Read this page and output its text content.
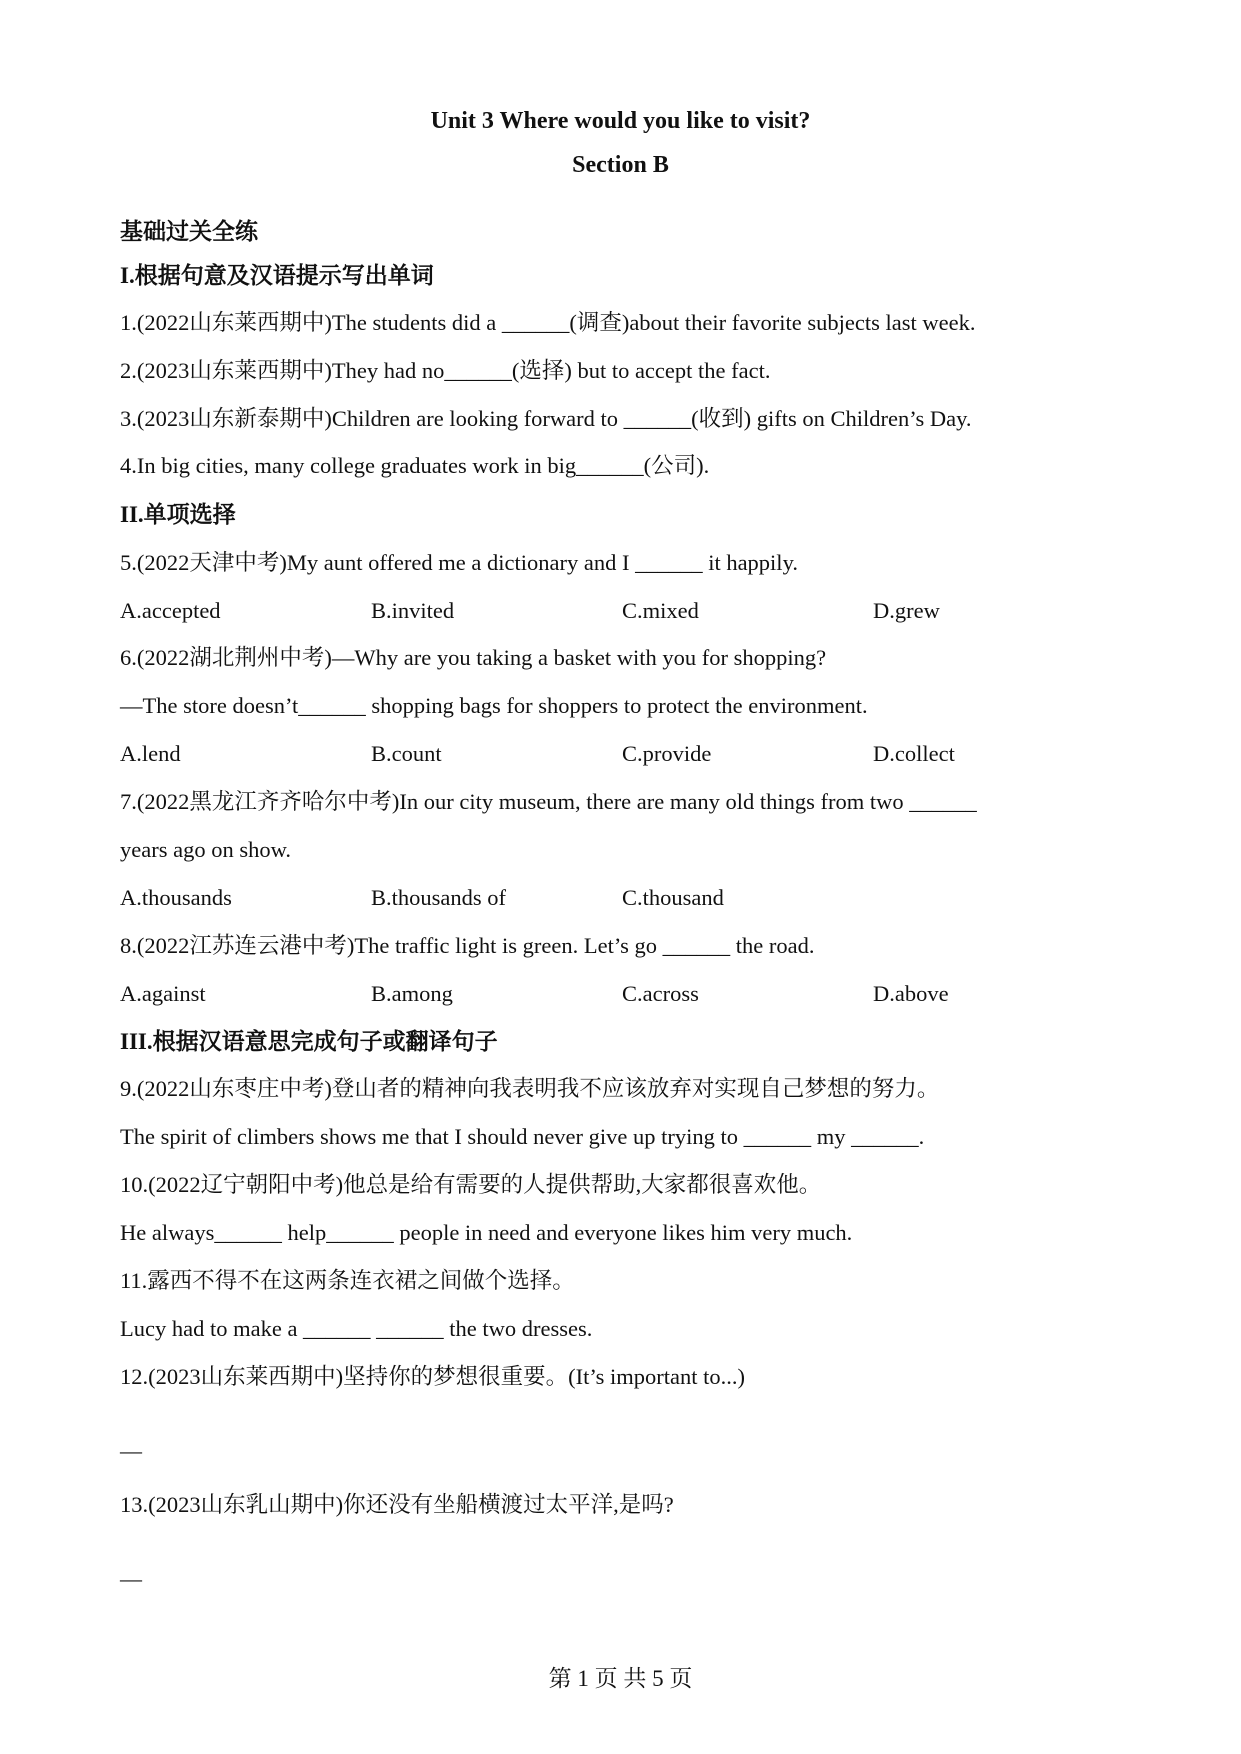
Unit 3 Where would you like to visit?
Section B
基础过关全练
I.根据句意及汉语提示写出单词
1.(2022山东莱西期中)The students did a ______(调查)about their favorite subjects last week.
2.(2023山东莱西期中)They had no______(选择) but to accept the fact.
3.(2023山东新泰期中)Children are looking forward to ______(收到) gifts on Children’s Day.
4.In big cities, many college graduates work in big______(公司).
II.单项选择
5.(2022天津中考)My aunt offered me a dictionary and I ______ it happily.
A.accepted	B.invited	C.mixed	D.grew
6.(2022湖北荆州中考)—Why are you taking a basket with you for shopping?
—The store doesn’t______ shopping bags for shoppers to protect the environment.
A.lend	B.count	C.provide	D.collect
7.(2022黑龙江齐齐哈尔中考)In our city museum, there are many old things from two ______
years ago on show.
A.thousands	B.thousands of	C.thousand
8.(2022江苏连云港中考)The traffic light is green. Let’s go ______ the road.
A.against	B.among	C.across	D.above
III.根据汉语意思完成句子或翻译句子
9.(2022山东枣庄中考)登山者的精神向我表明我不应该放弃对实现自己梦想的努力。
The spirit of climbers shows me that I should never give up trying to ______ my ______.
10.(2022辽宁朝阳中考)他总是给有需要的人提供帮助,大家都很喜欢他。
He always______ help______ people in need and everyone likes him very much.
11.露西不得不在这两条连衣裙之间做个选择。
Lucy had to make a ______ ______ the two dresses.
12.(2023山东莱西期中)坚持你的梦想很重要。(It’s important to...)
—
13.(2023山东乳山期中)你还没有坐船横渡过太平洋,是吗?
—
第 1 页 共 5 页
